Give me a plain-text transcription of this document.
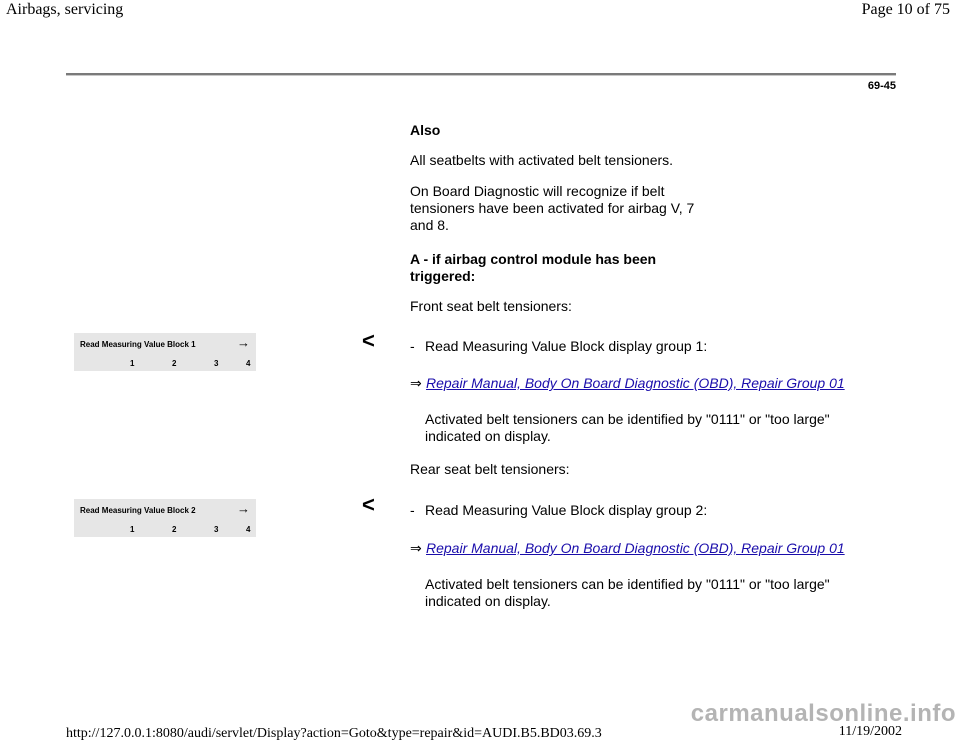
Airbags, servicing	Page 10 of 75
69-45
Also
All seatbelts with activated belt tensioners.
On Board Diagnostic will recognize if belt
tensioners have been activated for airbag V, 7
and 8.
A - if airbag control module has been
triggered:
Front seat belt tensioners:
Read Measuring Value Block 1	→
1	2	3	4
<	- Read Measuring Value Block display group 1:
⇒ Repair Manual, Body On Board Diagnostic (OBD), Repair Group 01
Activated belt tensioners can be identified by "0111" or "too large"
indicated on display.
Rear seat belt tensioners:
Read Measuring Value Block 2	→
1	2	3	4
<	- Read Measuring Value Block display group 2:
⇒ Repair Manual, Body On Board Diagnostic (OBD), Repair Group 01
Activated belt tensioners can be identified by "0111" or "too large"
indicated on display.
carmanualsonline.info
http://127.0.0.1:8080/audi/servlet/Display?action=Goto&type=repair&id=AUDI.B5.BD03.69.3	11/19/2002
